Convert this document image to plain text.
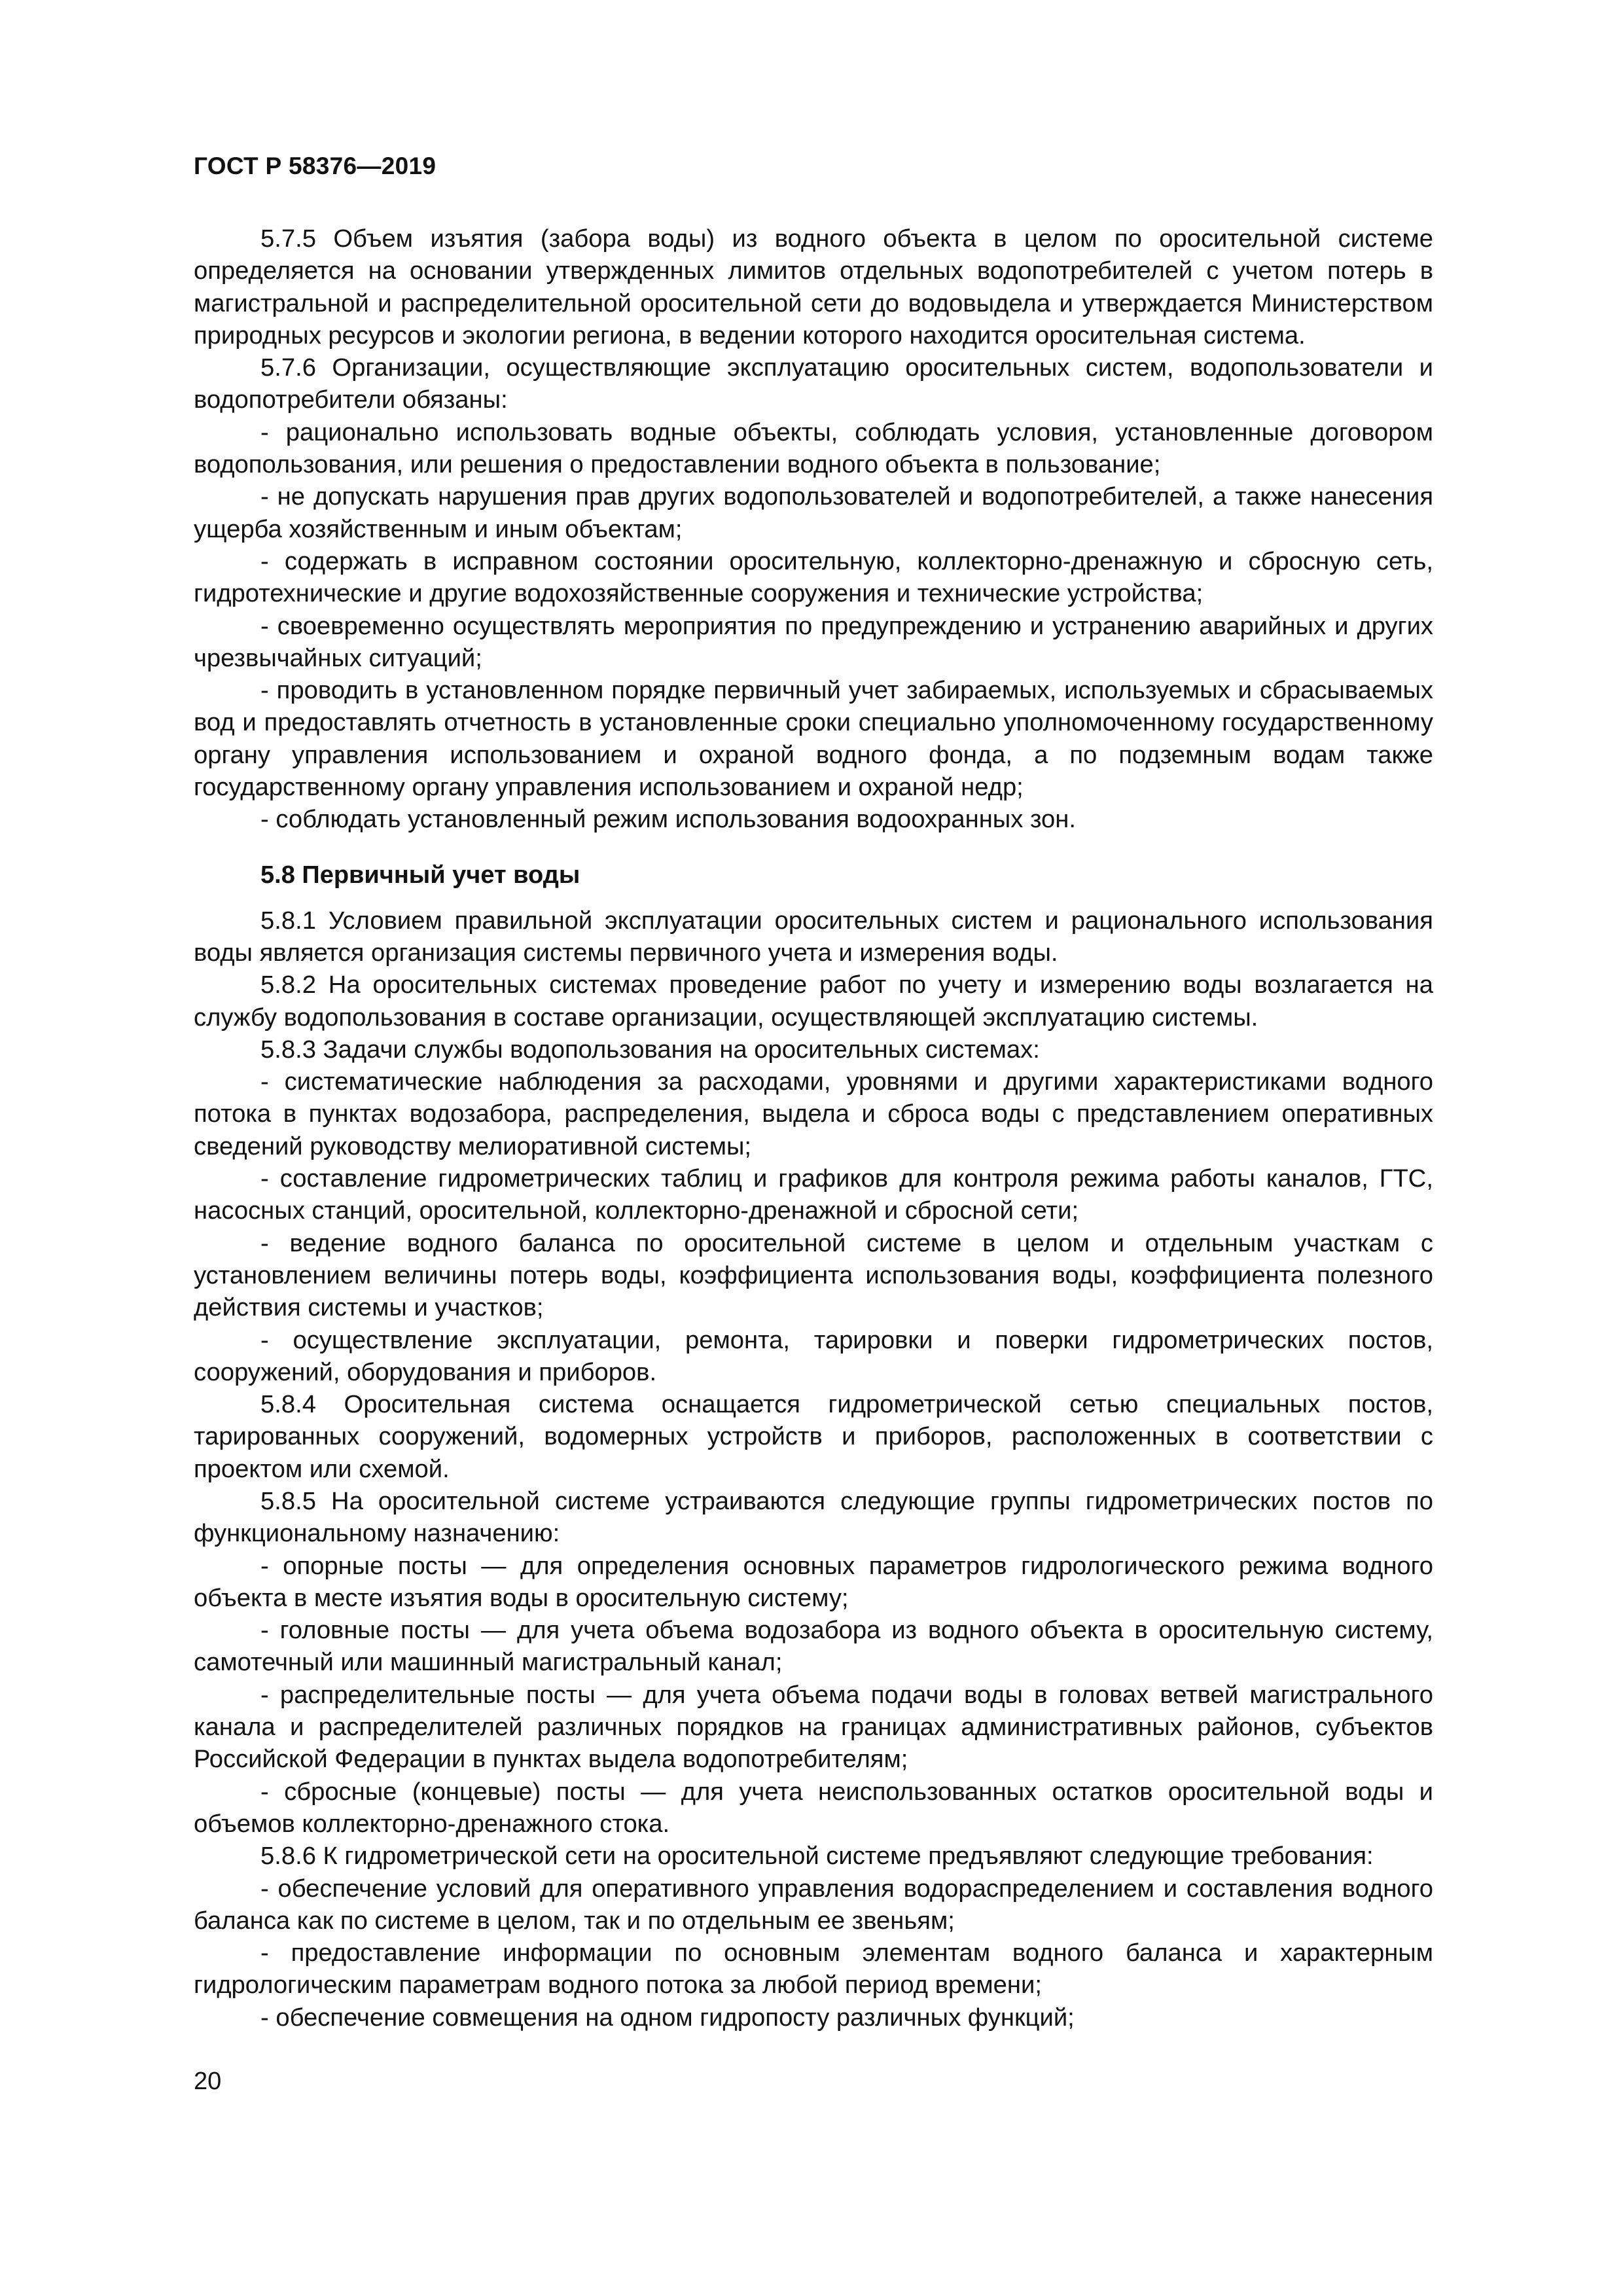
ГОСТ Р 58376—2019

5.7.5 Объем изъятия (забора воды) из водного объекта в целом по оросительной системе определяется на основании утвержденных лимитов отдельных водопотребителей с учетом потерь в магистральной и распределительной оросительной сети до водовыдела и утверждается Министерством природных ресурсов и экологии региона, в ведении которого находится оросительная система.

5.7.6 Организации, осуществляющие эксплуатацию оросительных систем, водопользователи и водопотребители обязаны:

- рационально использовать водные объекты, соблюдать условия, установленные договором водопользования, или решения о предоставлении водного объекта в пользование;

- не допускать нарушения прав других водопользователей и водопотребителей, а также нанесения ущерба хозяйственным и иным объектам;

- содержать в исправном состоянии оросительную, коллекторно-дренажную и сбросную сеть, гидротехнические и другие водохозяйственные сооружения и технические устройства;

- своевременно осуществлять мероприятия по предупреждению и устранению аварийных и других чрезвычайных ситуаций;

- проводить в установленном порядке первичный учет забираемых, используемых и сбрасываемых вод и предоставлять отчетность в установленные сроки специально уполномоченному государственному органу управления использованием и охраной водного фонда, а по подземным водам также государственному органу управления использованием и охраной недр;

- соблюдать установленный режим использования водоохранных зон.

5.8 Первичный учет воды

5.8.1 Условием правильной эксплуатации оросительных систем и рационального использования воды является организация системы первичного учета и измерения воды.

5.8.2 На оросительных системах проведение работ по учету и измерению воды возлагается на службу водопользования в составе организации, осуществляющей эксплуатацию системы.

5.8.3 Задачи службы водопользования на оросительных системах:

- систематические наблюдения за расходами, уровнями и другими характеристиками водного потока в пунктах водозабора, распределения, выдела и сброса воды с представлением оперативных сведений руководству мелиоративной системы;

- составление гидрометрических таблиц и графиков для контроля режима работы каналов, ГТС, насосных станций, оросительной, коллекторно-дренажной и сбросной сети;

- ведение водного баланса по оросительной системе в целом и отдельным участкам с установлением величины потерь воды, коэффициента использования воды, коэффициента полезного действия системы и участков;

- осуществление эксплуатации, ремонта, тарировки и поверки гидрометрических постов, сооружений, оборудования и приборов.

5.8.4 Оросительная система оснащается гидрометрической сетью специальных постов, тарированных сооружений, водомерных устройств и приборов, расположенных в соответствии с проектом или схемой.

5.8.5 На оросительной системе устраиваются следующие группы гидрометрических постов по функциональному назначению:

- опорные посты — для определения основных параметров гидрологического режима водного объекта в месте изъятия воды в оросительную систему;

- головные посты — для учета объема водозабора из водного объекта в оросительную систему, самотечный или машинный магистральный канал;

- распределительные посты — для учета объема подачи воды в головах ветвей магистрального канала и распределителей различных порядков на границах административных районов, субъектов Российской Федерации в пунктах выдела водопотребителям;

- сбросные (концевые) посты — для учета неиспользованных остатков оросительной воды и объемов коллекторно-дренажного стока.

5.8.6 К гидрометрической сети на оросительной системе предъявляют следующие требования:

- обеспечение условий для оперативного управления водораспределением и составления водного баланса как по системе в целом, так и по отдельным ее звеньям;

- предоставление информации по основным элементам водного баланса и характерным гидрологическим параметрам водного потока за любой период времени;

- обеспечение совмещения на одном гидропосту различных функций;

20
